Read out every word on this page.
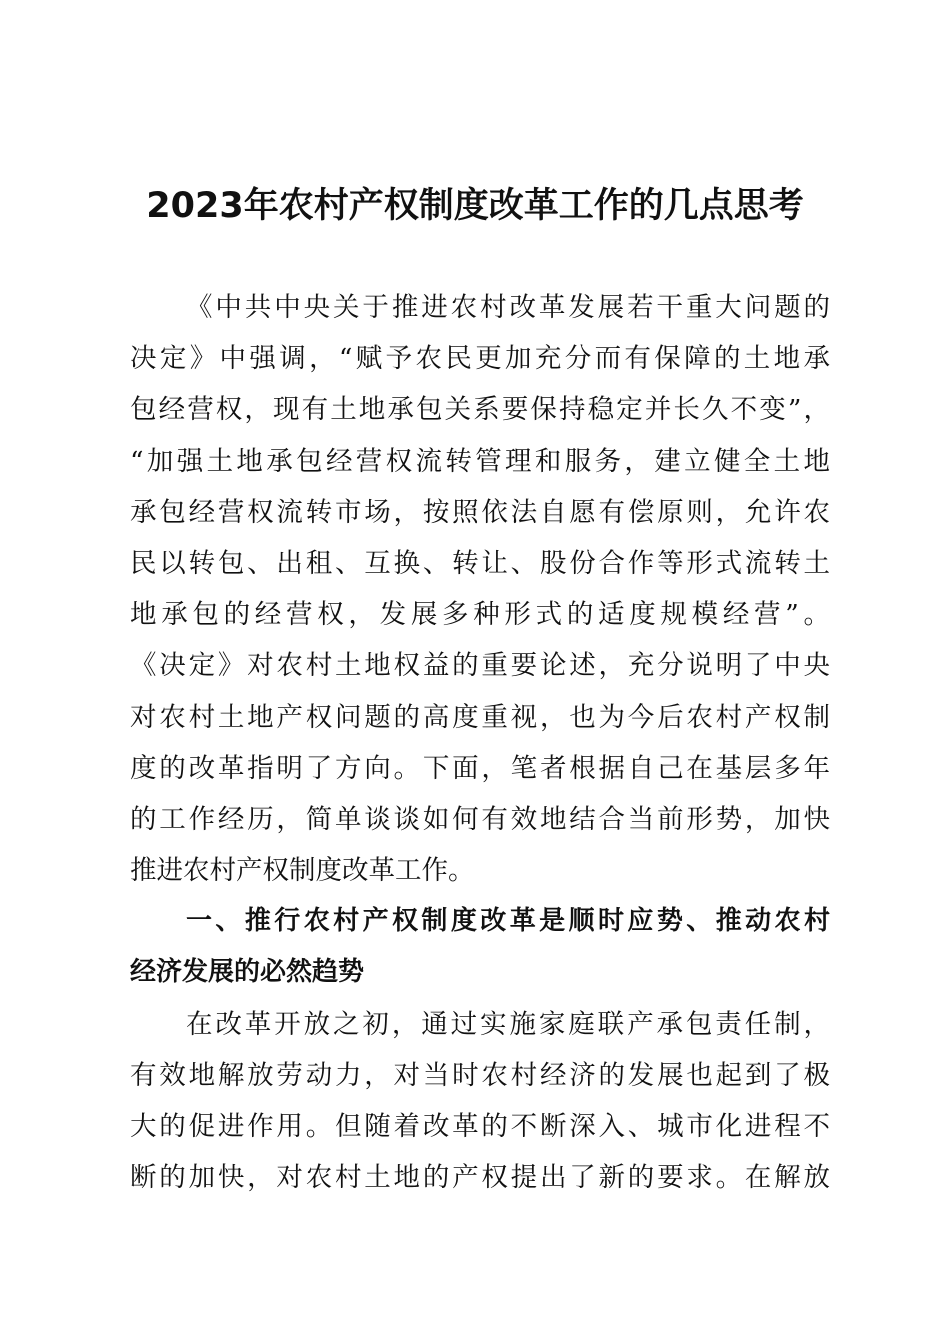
2023年农村产权制度改革工作的几点思考
《中共中央关于推进农村改革发展若干重大问题的
决定》中强调，“赋予农民更加充分而有保障的土地承
包经营权，现有土地承包关系要保持稳定并长久不变”，
“加强土地承包经营权流转管理和服务，建立健全土地
承包经营权流转市场，按照依法自愿有偿原则，允许农
民以转包、出租、互换、转让、股份合作等形式流转土
地承包的经营权，发展多种形式的适度规模经营”。
《决定》对农村土地权益的重要论述，充分说明了中央
对农村土地产权问题的高度重视，也为今后农村产权制
度的改革指明了方向。下面，笔者根据自己在基层多年
的工作经历，简单谈谈如何有效地结合当前形势，加快
推进农村产权制度改革工作。
一、推行农村产权制度改革是顺时应势、推动农村
经济发展的必然趋势
在改革开放之初，通过实施家庭联产承包责任制，
有效地解放劳动力，对当时农村经济的发展也起到了极
大的促进作用。但随着改革的不断深入、城市化进程不
断的加快，对农村土地的产权提出了新的要求。在解放
